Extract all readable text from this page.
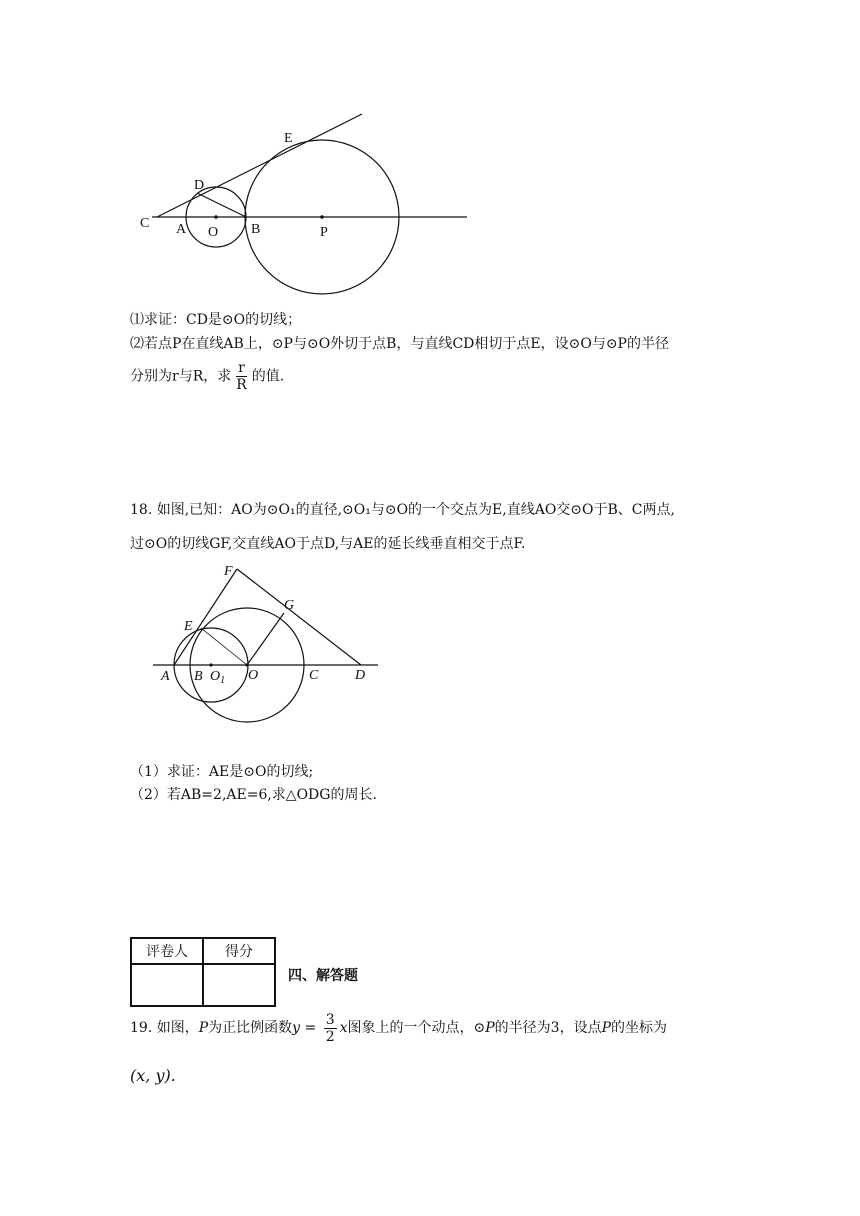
E
D
C A O B	P
⑴求证：CD是⊙O的切线；
⑵若点P在直线AB上，⊙P与⊙O外切于点B，与直线CD相切于点E，设⊙O与⊙P的半径
分别为r与R，求 $\frac{r}{R}$ 的值.
18. 如图,已知：AO为⊙O₁的直径,⊙O₁与⊙O的一个交点为E,直线AO交⊙O于B、C两点,
过⊙O的切线GF,交直线AO于点D,与AE的延长线垂直相交于点F.
F
G
E
A B $O_1$ O	C	D
（1）求证：AE是⊙O的切线;
（2）若AB=2,AE=6,求△ODG的周长.
评卷人	得分

四、解答题
19. 如图，P为正比例函数$y = \frac{3}{2}$ x图象上的一个动点，⊙P的半径为3，设点P的坐标为
(x, y).
